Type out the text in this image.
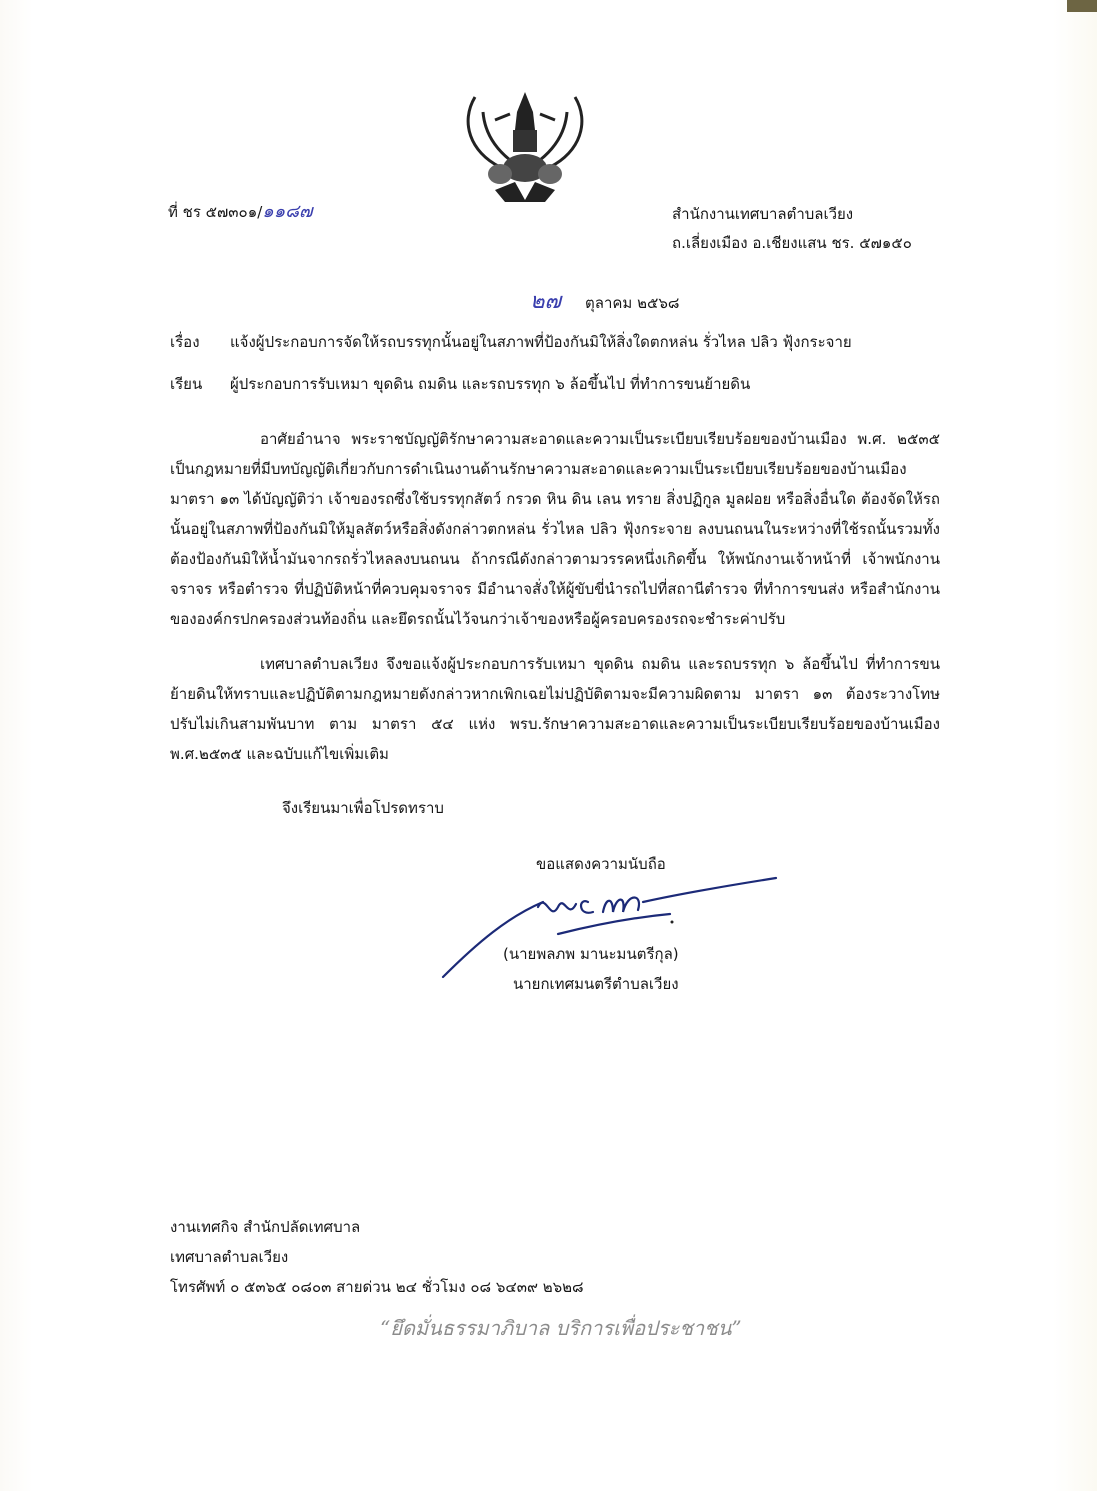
ที่ ชร ๕๗๓๐๑/๑๑๘๗	สำนักงานเทศบาลตำบลเวียง
ถ.เลี่ยงเมือง อ.เชียงแสน ชร. ๕๗๑๕๐
๒๗ ตุลาคม ๒๕๖๘
เรื่อง แจ้งผู้ประกอบการจัดให้รถบรรทุกนั้นอยู่ในสภาพที่ป้องกันมิให้สิ่งใดตกหล่น รั่วไหล ปลิว ฟุ้งกระจาย
เรียน ผู้ประกอบการรับเหมา ขุดดิน ถมดิน และรถบรรทุก ๖ ล้อขึ้นไป ที่ทำการขนย้ายดิน
อาศัยอำนาจ พระราชบัญญัติรักษาความสะอาดและความเป็นระเบียบเรียบร้อยของบ้านเมือง พ.ศ. ๒๕๓๕ เป็นกฎหมายที่มีบทบัญญัติเกี่ยวกับการดำเนินงานด้านรักษาความสะอาดและความเป็นระเบียบเรียบร้อยของบ้านเมือง มาตรา ๑๓ ได้บัญญัติว่า เจ้าของรถซึ่งใช้บรรทุกสัตว์ กรวด หิน ดิน เลน ทราย สิ่งปฏิกูล มูลฝอย หรือสิ่งอื่นใด ต้องจัดให้รถนั้นอยู่ในสภาพที่ป้องกันมิให้มูลสัตว์หรือสิ่งดังกล่าวตกหล่น รั่วไหล ปลิว ฟุ้งกระจาย ลงบนถนนในระหว่างที่ใช้รถนั้นรวมทั้งต้องป้องกันมิให้น้ำมันจากรถรั่วไหลลงบนถนน ถ้ากรณีดังกล่าวตามวรรคหนึ่งเกิดขึ้น ให้พนักงานเจ้าหน้าที่ เจ้าพนักงานจราจร หรือตำรวจ ที่ปฏิบัติหน้าที่ควบคุมจราจร มีอำนาจสั่งให้ผู้ขับขี่นำรถไปที่สถานีตำรวจ ที่ทำการขนส่ง หรือสำนักงานขององค์กรปกครองส่วนท้องถิ่น และยึดรถนั้นไว้จนกว่าเจ้าของหรือผู้ครอบครองรถจะชำระค่าปรับ
เทศบาลตำบลเวียง จึงขอแจ้งผู้ประกอบการรับเหมา ขุดดิน ถมดิน และรถบรรทุก ๖ ล้อขึ้นไป ที่ทำการขนย้ายดินให้ทราบและปฏิบัติตามกฎหมายดังกล่าวหากเพิกเฉยไม่ปฏิบัติตามจะมีความผิดตาม มาตรา ๑๓ ต้องระวางโทษปรับไม่เกินสามพันบาท ตาม มาตรา ๕๔ แห่ง พรบ.รักษาความสะอาดและความเป็นระเบียบเรียบร้อยของบ้านเมือง พ.ศ.๒๕๓๕ และฉบับแก้ไขเพิ่มเติม
จึงเรียนมาเพื่อโปรดทราบ
ขอแสดงความนับถือ
(นายพลภพ มานะมนตรีกุล)
นายกเทศมนตรีตำบลเวียง
งานเทศกิจ สำนักปลัดเทศบาล
เทศบาลตำบลเวียง
โทรศัพท์ ๐ ๕๓๖๕ ๐๘๐๓ สายด่วน ๒๔ ชั่วโมง ๐๘ ๖๔๓๙ ๒๖๒๘
“ยึดมั่นธรรมาภิบาล บริการเพื่อประชาชน”
